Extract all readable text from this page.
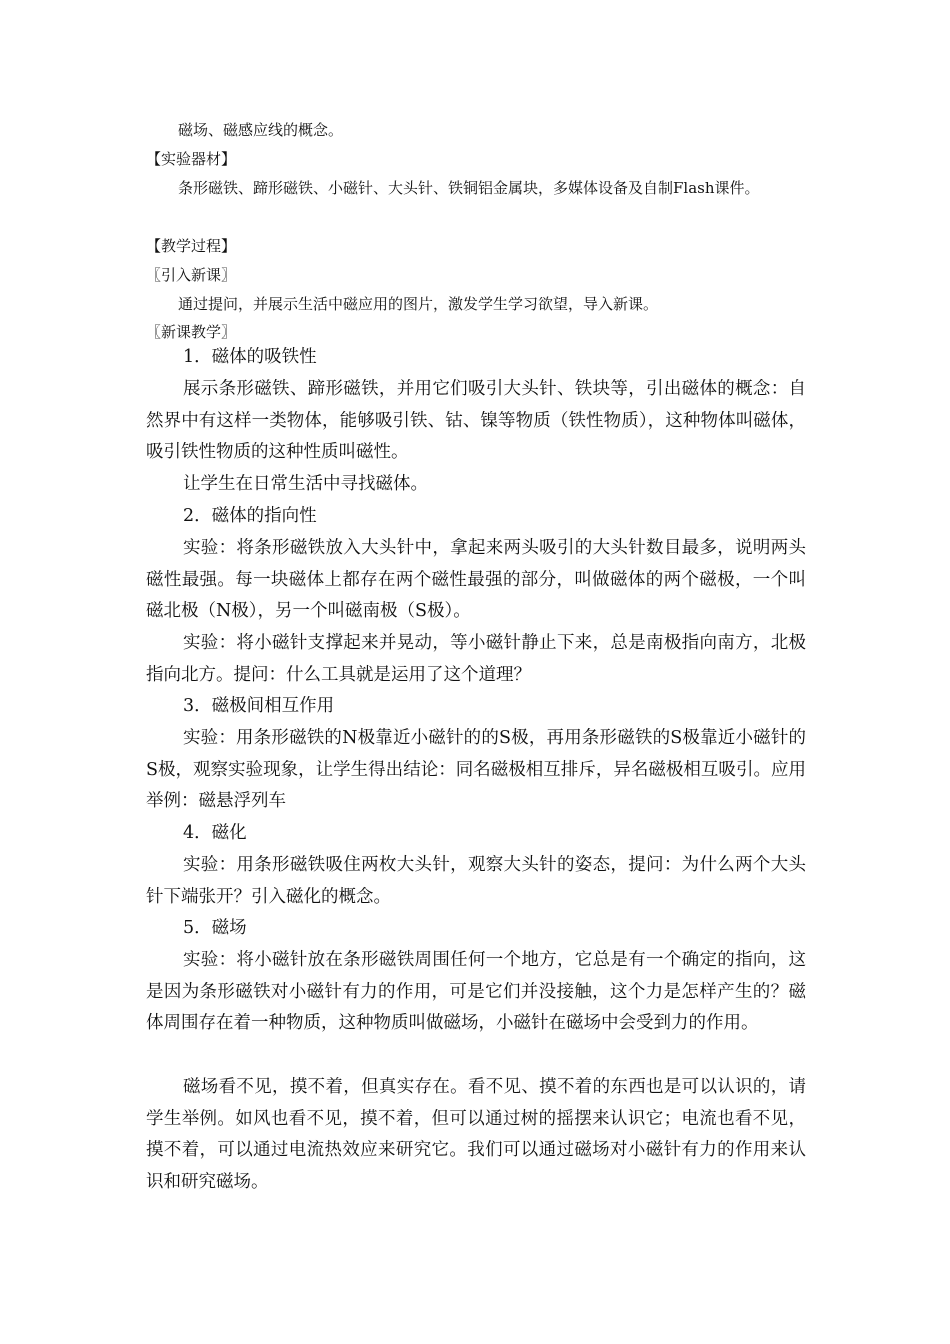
磁场、磁感应线的概念。

【实验器材】

条形磁铁、蹄形磁铁、小磁针、大头针、铁铜铝金属块，多媒体设备及自制Flash课件。

【教学过程】

〖引入新课〗

通过提问，并展示生活中磁应用的图片，激发学生学习欲望，导入新课。

〖新课教学〗

1．磁体的吸铁性

展示条形磁铁、蹄形磁铁，并用它们吸引大头针、铁块等，引出磁体的概念：自然界中有这样一类物体，能够吸引铁、钴、镍等物质（铁性物质），这种物体叫磁体，吸引铁性物质的这种性质叫磁性。

让学生在日常生活中寻找磁体。

2．磁体的指向性

实验：将条形磁铁放入大头针中，拿起来两头吸引的大头针数目最多，说明两头磁性最强。每一块磁体上都存在两个磁性最强的部分，叫做磁体的两个磁极，一个叫磁北极（N极），另一个叫磁南极（S极）。

实验：将小磁针支撑起来并晃动，等小磁针静止下来，总是南极指向南方，北极指向北方。提问：什么工具就是运用了这个道理？

3．磁极间相互作用

实验：用条形磁铁的N极靠近小磁针的的S极，再用条形磁铁的S极靠近小磁针的S极，观察实验现象，让学生得出结论：同名磁极相互排斥，异名磁极相互吸引。应用举例：磁悬浮列车

4．磁化

实验：用条形磁铁吸住两枚大头针，观察大头针的姿态，提问：为什么两个大头针下端张开？引入磁化的概念。

5．磁场

实验：将小磁针放在条形磁铁周围任何一个地方，它总是有一个确定的指向，这是因为条形磁铁对小磁针有力的作用，可是它们并没接触，这个力是怎样产生的？磁体周围存在着一种物质，这种物质叫做磁场，小磁针在磁场中会受到力的作用。

磁场看不见，摸不着，但真实存在。看不见、摸不着的东西也是可以认识的，请学生举例。如风也看不见，摸不着，但可以通过树的摇摆来认识它；电流也看不见，摸不着，可以通过电流热效应来研究它。我们可以通过磁场对小磁针有力的作用来认识和研究磁场。
